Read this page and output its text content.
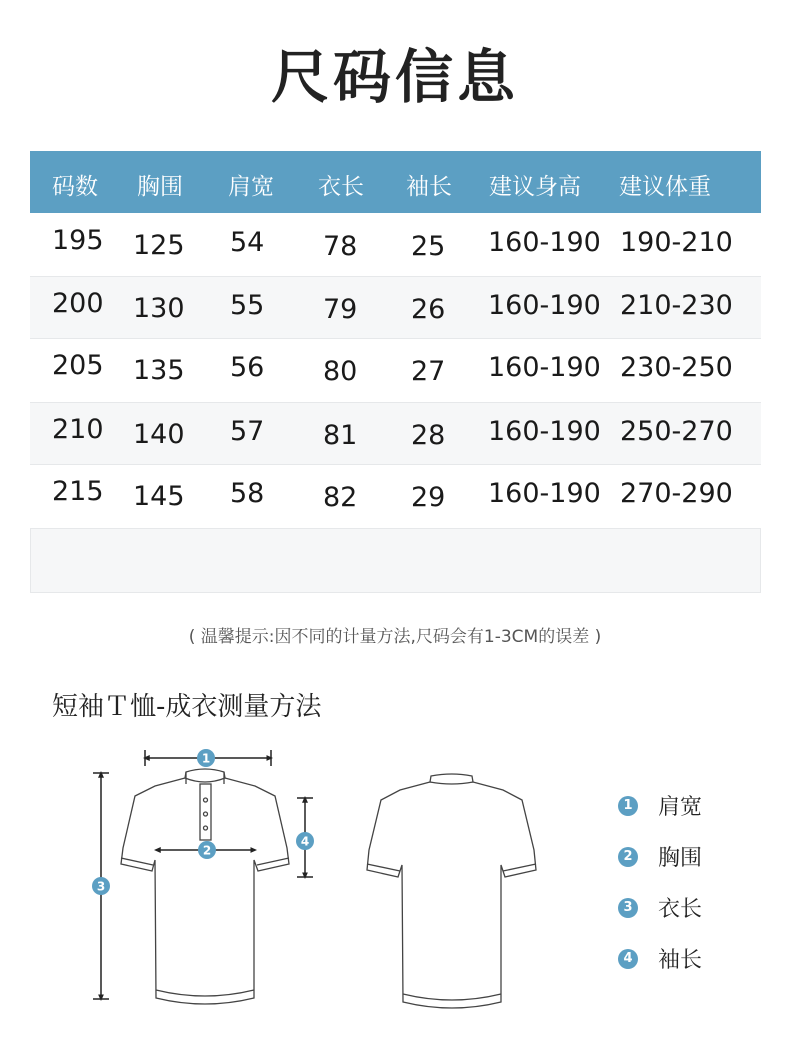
尺码信息
码数 胸围 肩宽 衣长 袖长 建议身高 建议体重
195 125 54 78 25 160-190 190-210
200 130 55 79 26 160-190 210-230
205 135 56 80 27 160-190 230-250
210 140 57 81 28 160-190 250-270
215 145 58 82 29 160-190 270-290
( 温馨提示:因不同的计量方法,尺码会有1-3CM的误差 )
短袖Ｔ恤-成衣测量方法
1
2
3
4
1 肩宽
2 胸围
3 衣长
4 袖长
